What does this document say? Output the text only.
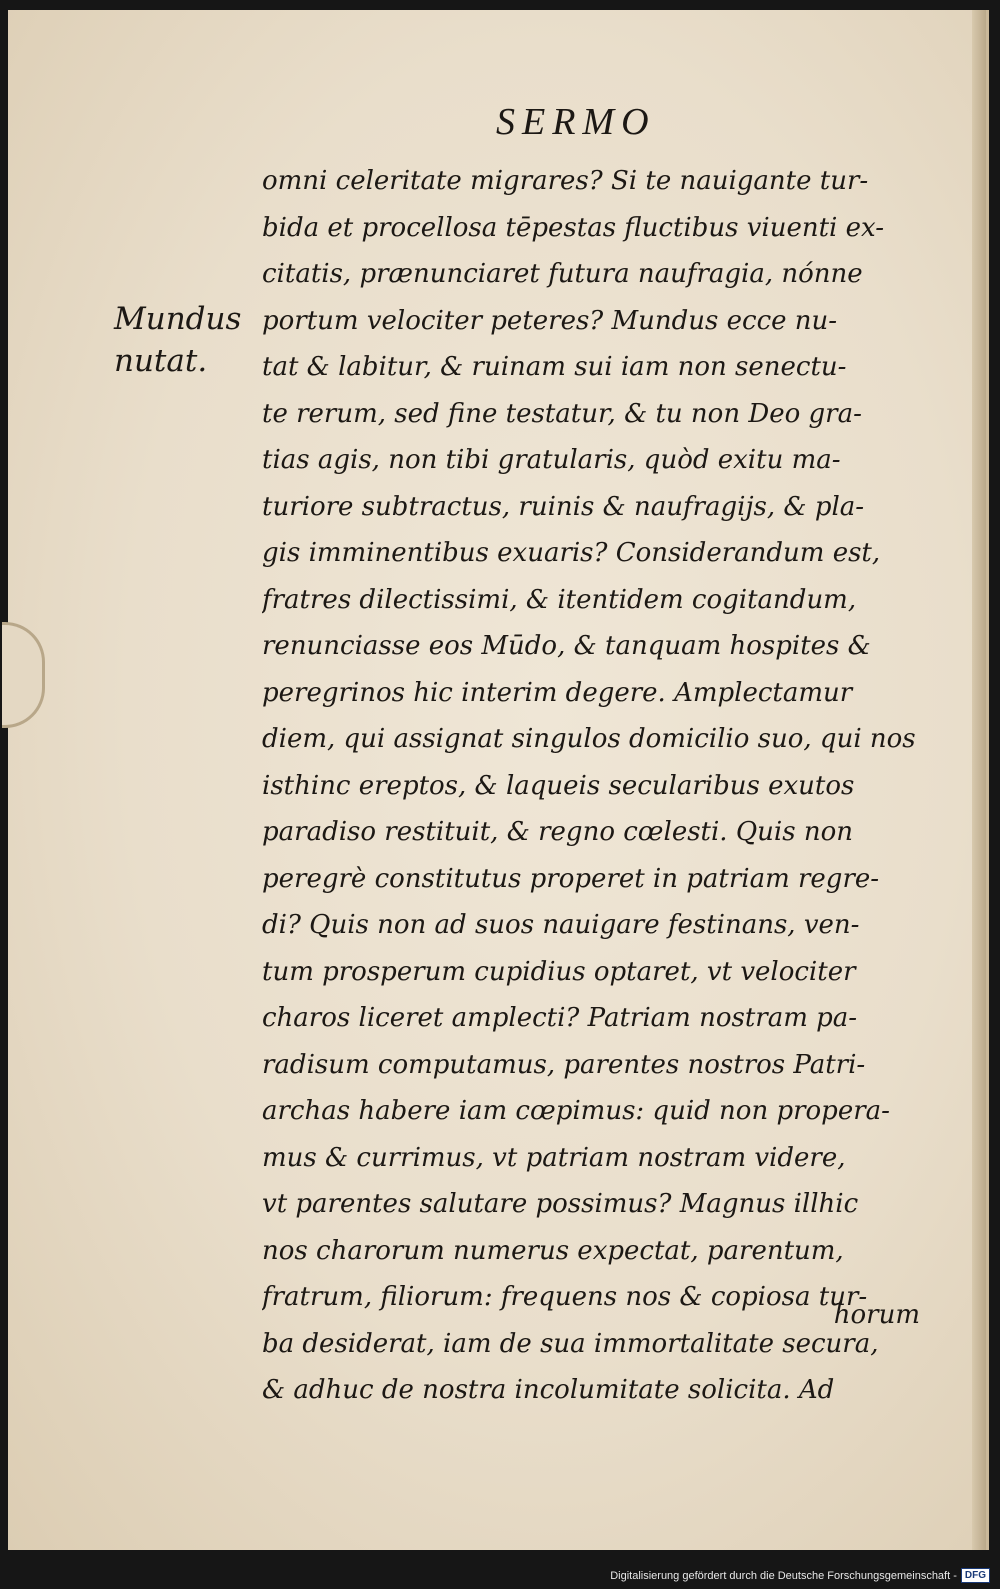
SERMO
Mundus
nutat.
omni celeritate migrares? Si te nauigante tur-
bida et procellosa tēpestas fluctibus viuenti ex-
citatis, prænunciaret futura naufragia, nónne
portum velociter peteres? Mundus ecce nu-
tat & labitur, & ruinam sui iam non senectu-
te rerum, sed fine testatur, & tu non Deo gra-
tias agis, non tibi gratularis, quòd exitu ma-
turiore subtractus, ruinis & naufragijs, & pla-
gis imminentibus exuaris? Considerandum est,
fratres dilectissimi, & itentidem cogitandum,
renunciasse eos Mūdo, & tanquam hospites &
peregrinos hic interim degere. Amplectamur
diem, qui assignat singulos domicilio suo, qui nos
isthinc ereptos, & laqueis secularibus exutos
paradiso restituit, & regno cœlesti. Quis non
peregrè constitutus properet in patriam regre-
di? Quis non ad suos nauigare festinans, ven-
tum prosperum cupidius optaret, vt velociter
charos liceret amplecti? Patriam nostram pa-
radisum computamus, parentes nostros Patri-
archas habere iam cœpimus: quid non propera-
mus & currimus, vt patriam nostram videre,
vt parentes salutare possimus? Magnus illhic
nos charorum numerus expectat, parentum,
fratrum, filiorum: frequens nos & copiosa tur-
ba desiderat, iam de sua immortalitate secura,
& adhuc de nostra incolumitate solicita. Ad
horum
Digitalisierung gefördert durch die Deutsche Forschungsgemeinschaft - DFG
